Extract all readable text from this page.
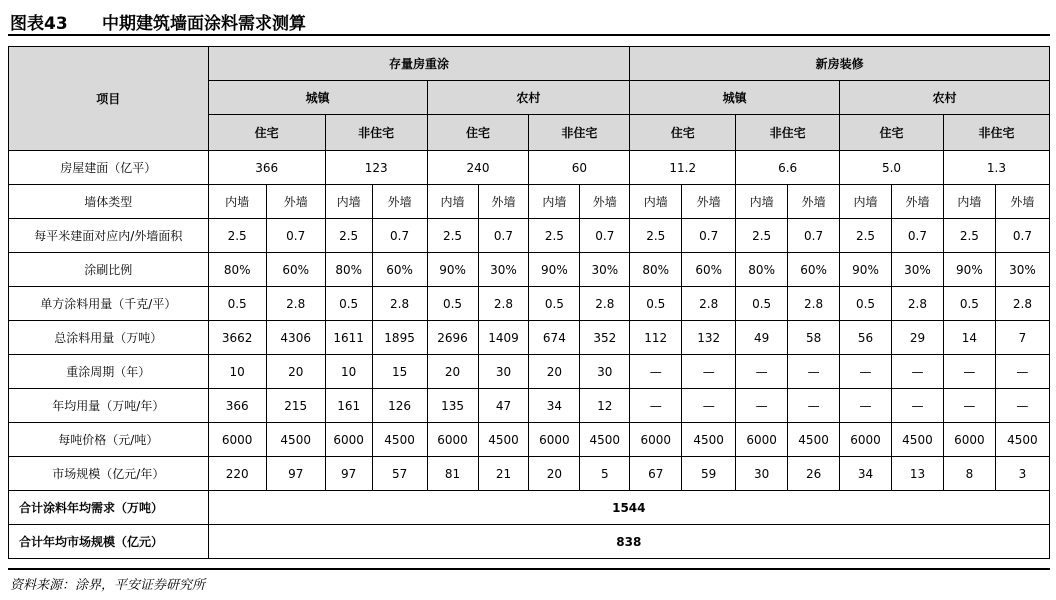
图表43 中期建筑墙面涂料需求测算
项目	存量房重涂								新房装修							
	城镇				农村				城镇				农村			
	住宅		非住宅		住宅		非住宅		住宅		非住宅		住宅		非住宅	
房屋建面（亿平）	366		123		240		60		11.2		6.6		5.0		1.3	
墙体类型	内墙	外墙	内墙	外墙	内墙	外墙	内墙	外墙	内墙	外墙	内墙	外墙	内墙	外墙	内墙	外墙
每平米建面对应内/外墙面积	2.5	0.7	2.5	0.7	2.5	0.7	2.5	0.7	2.5	0.7	2.5	0.7	2.5	0.7	2.5	0.7
涂刷比例	80%	60%	80%	60%	90%	30%	90%	30%	80%	60%	80%	60%	90%	30%	90%	30%
单方涂料用量（千克/平）	0.5	2.8	0.5	2.8	0.5	2.8	0.5	2.8	0.5	2.8	0.5	2.8	0.5	2.8	0.5	2.8
总涂料用量（万吨）	3662	4306	1611	1895	2696	1409	674	352	112	132	49	58	56	29	14	7
重涂周期（年）	10	20	10	15	20	30	20	30	—	—	—	—	—	—	—	—
年均用量（万吨/年）	366	215	161	126	135	47	34	12	—	—	—	—	—	—	—	—
每吨价格（元/吨）	6000	4500	6000	4500	6000	4500	6000	4500	6000	4500	6000	4500	6000	4500	6000	4500
市场规模（亿元/年）	220	97	97	57	81	21	20	5	67	59	30	26	34	13	8	3
合计涂料年均需求（万吨）	1544															
合计年均市场规模（亿元）	838															
资料来源：涂界，平安证券研究所
